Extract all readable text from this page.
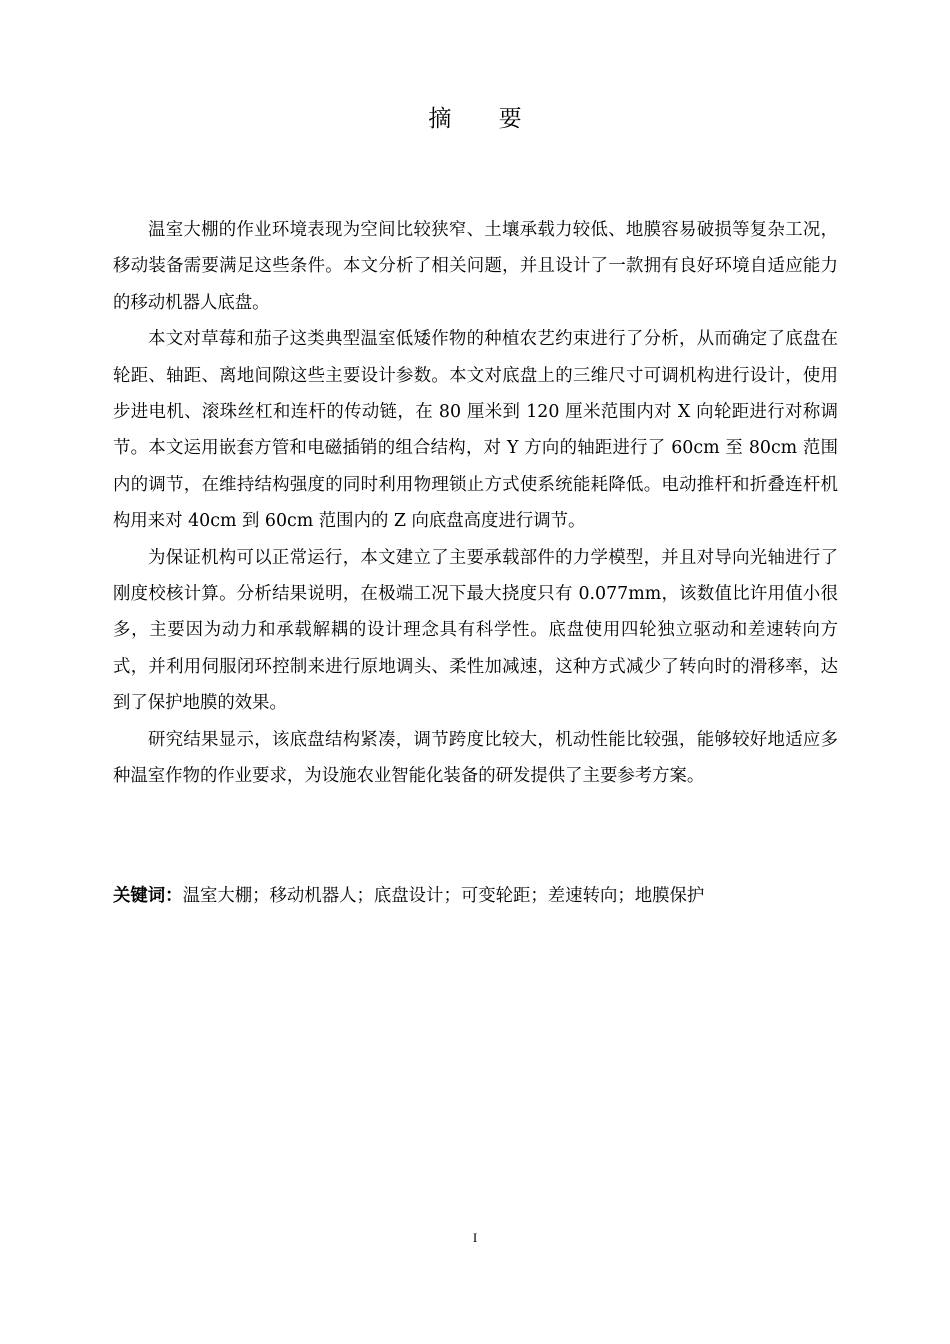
摘 要

温室大棚的作业环境表现为空间比较狭窄、土壤承载力较低、地膜容易破损等复杂工况，移动装备需要满足这些条件。本文分析了相关问题，并且设计了一款拥有良好环境自适应能力的移动机器人底盘。

本文对草莓和茄子这类典型温室低矮作物的种植农艺约束进行了分析，从而确定了底盘在轮距、轴距、离地间隙这些主要设计参数。本文对底盘上的三维尺寸可调机构进行设计，使用步进电机、滚珠丝杠和连杆的传动链，在 80 厘米到 120 厘米范围内对 X 向轮距进行对称调节。本文运用嵌套方管和电磁插销的组合结构，对 Y 方向的轴距进行了 60cm 至 80cm 范围内的调节，在维持结构强度的同时利用物理锁止方式使系统能耗降低。电动推杆和折叠连杆机构用来对 40cm 到 60cm 范围内的 Z 向底盘高度进行调节。

为保证机构可以正常运行，本文建立了主要承载部件的力学模型，并且对导向光轴进行了刚度校核计算。分析结果说明，在极端工况下最大挠度只有 0.077mm，该数值比许用值小很多，主要因为动力和承载解耦的设计理念具有科学性。底盘使用四轮独立驱动和差速转向方式，并利用伺服闭环控制来进行原地调头、柔性加减速，这种方式减少了转向时的滑移率，达到了保护地膜的效果。

研究结果显示，该底盘结构紧凑，调节跨度比较大，机动性能比较强，能够较好地适应多种温室作物的作业要求，为设施农业智能化装备的研发提供了主要参考方案。

关键词：温室大棚；移动机器人；底盘设计；可变轮距；差速转向；地膜保护

I
